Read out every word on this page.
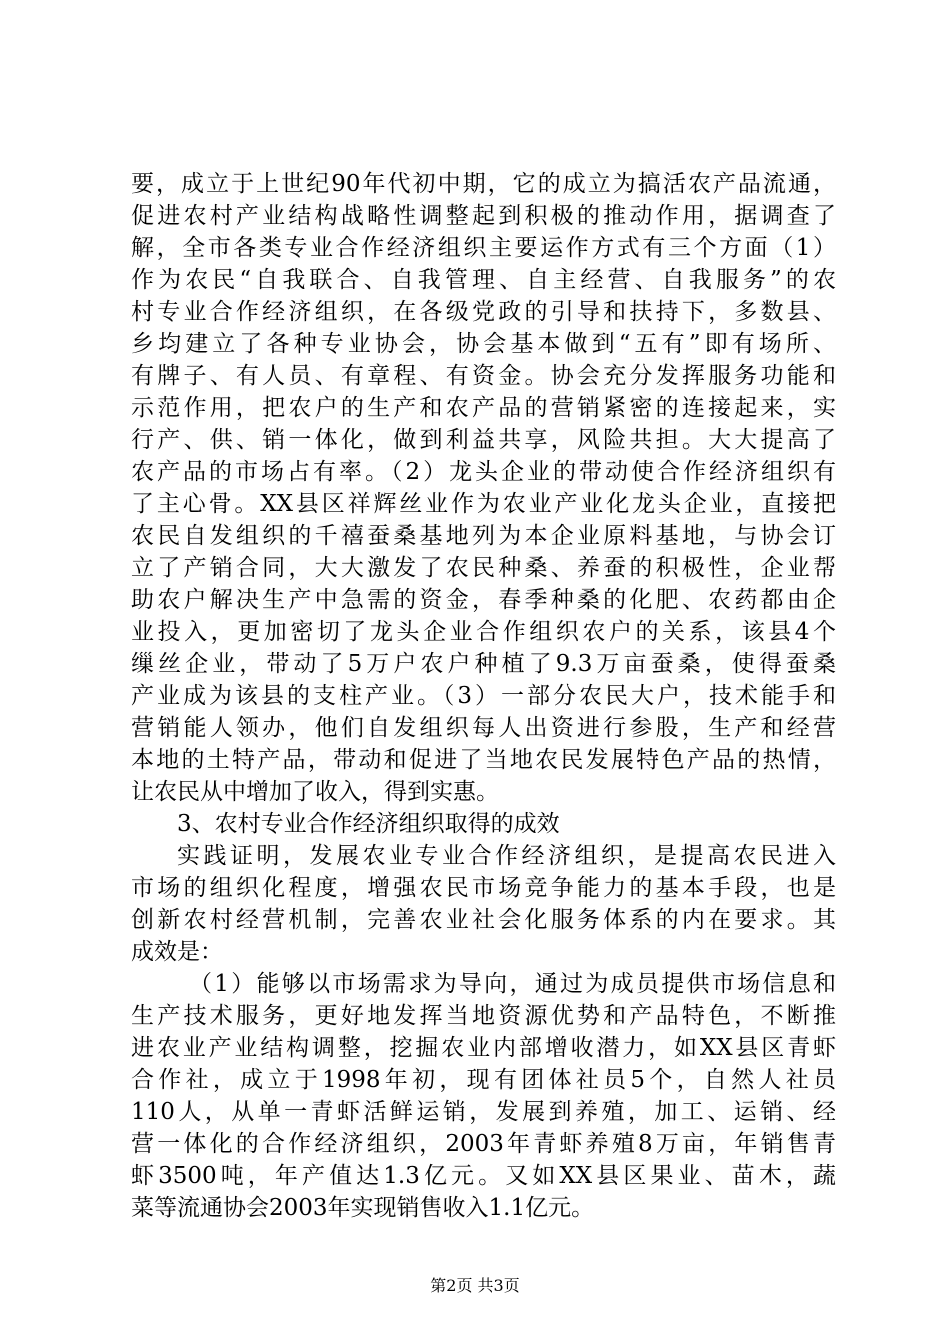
要，成立于上世纪90年代初中期，它的成立为搞活农产品流通，
促进农村产业结构战略性调整起到积极的推动作用，据调查了
解，全市各类专业合作经济组织主要运作方式有三个方面（1）
作为农民“自我联合、自我管理、自主经营、自我服务”的农
村专业合作经济组织，在各级党政的引导和扶持下，多数县、
乡均建立了各种专业协会，协会基本做到“五有”即有场所、
有牌子、有人员、有章程、有资金。协会充分发挥服务功能和
示范作用，把农户的生产和农产品的营销紧密的连接起来，实
行产、供、销一体化，做到利益共享，风险共担。大大提高了
农产品的市场占有率。（2）龙头企业的带动使合作经济组织有
了主心骨。XX县区祥辉丝业作为农业产业化龙头企业，直接把
农民自发组织的千禧蚕桑基地列为本企业原料基地，与协会订
立了产销合同，大大激发了农民种桑、养蚕的积极性，企业帮
助农户解决生产中急需的资金，春季种桑的化肥、农药都由企
业投入，更加密切了龙头企业合作组织农户的关系，该县4个
缫丝企业，带动了5万户农户种植了9.3万亩蚕桑，使得蚕桑
产业成为该县的支柱产业。（3）一部分农民大户，技术能手和
营销能人领办，他们自发组织每人出资进行参股，生产和经营
本地的土特产品，带动和促进了当地农民发展特色产品的热情，
让农民从中增加了收入，得到实惠。
3、农村专业合作经济组织取得的成效
实践证明，发展农业专业合作经济组织，是提高农民进入
市场的组织化程度，增强农民市场竞争能力的基本手段，也是
创新农村经营机制，完善农业社会化服务体系的内在要求。其
成效是：
（1）能够以市场需求为导向，通过为成员提供市场信息和
生产技术服务，更好地发挥当地资源优势和产品特色，不断推
进农业产业结构调整，挖掘农业内部增收潜力，如XX县区青虾
合作社，成立于1998年初，现有团体社员5个，自然人社员
110人，从单一青虾活鲜运销，发展到养殖，加工、运销、经
营一体化的合作经济组织，2003年青虾养殖8万亩，年销售青
虾3500吨，年产值达1.3亿元。又如XX县区果业、苗木，蔬
菜等流通协会2003年实现销售收入1.1亿元。
第2页 共3页
